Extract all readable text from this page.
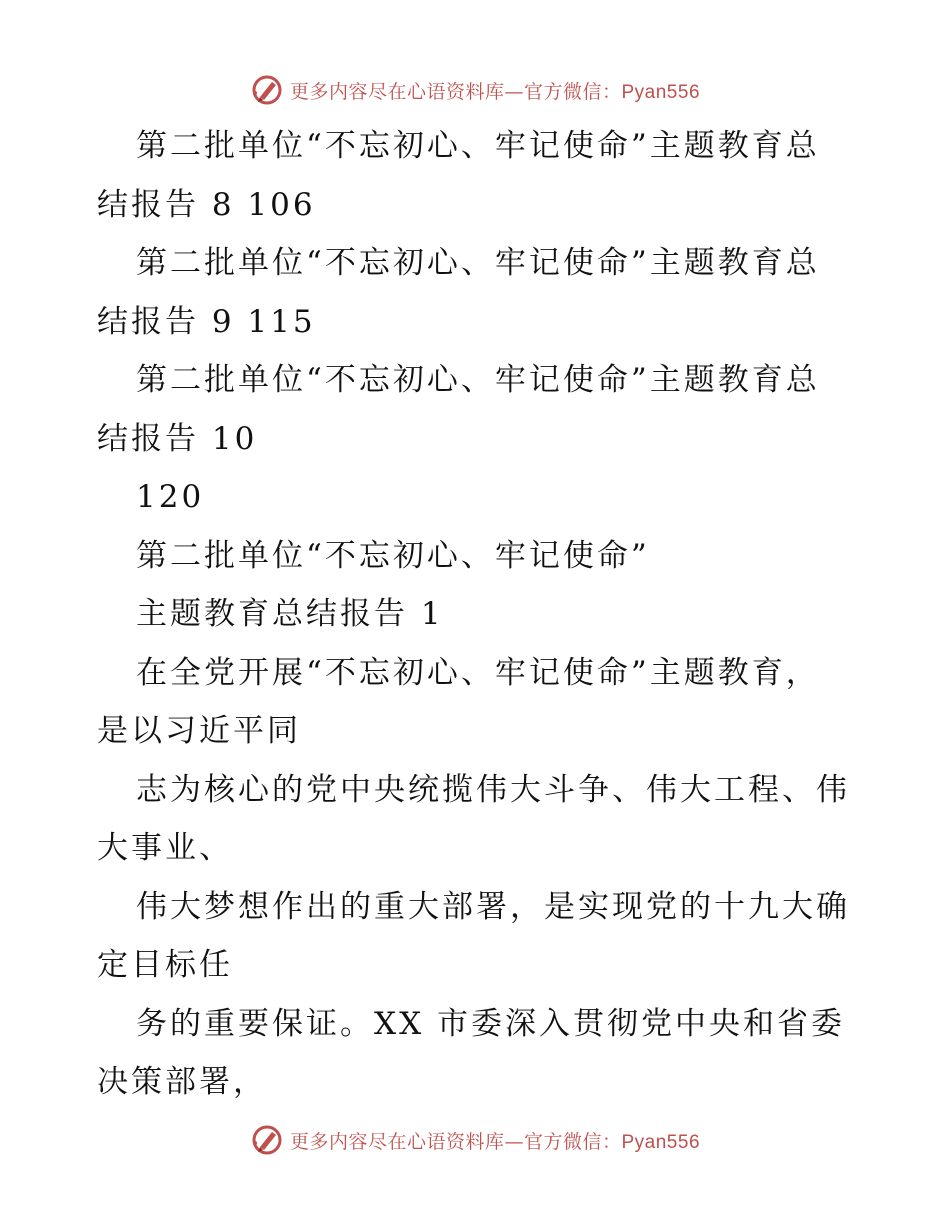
更多内容尽在心语资料库—官方微信：Pyan556
第二批单位“不忘初心、牢记使命”主题教育总
结报告 8 106
第二批单位“不忘初心、牢记使命”主题教育总
结报告 9 115
第二批单位“不忘初心、牢记使命”主题教育总
结报告 10
120
第二批单位“不忘初心、牢记使命”
主题教育总结报告 1
在全党开展“不忘初心、牢记使命”主题教育，
是以习近平同
志为核心的党中央统揽伟大斗争、伟大工程、伟
大事业、
伟大梦想作出的重大部署，是实现党的十九大确
定目标任
务的重要保证。XX 市委深入贯彻党中央和省委
决策部署，
更多内容尽在心语资料库—官方微信：Pyan556
